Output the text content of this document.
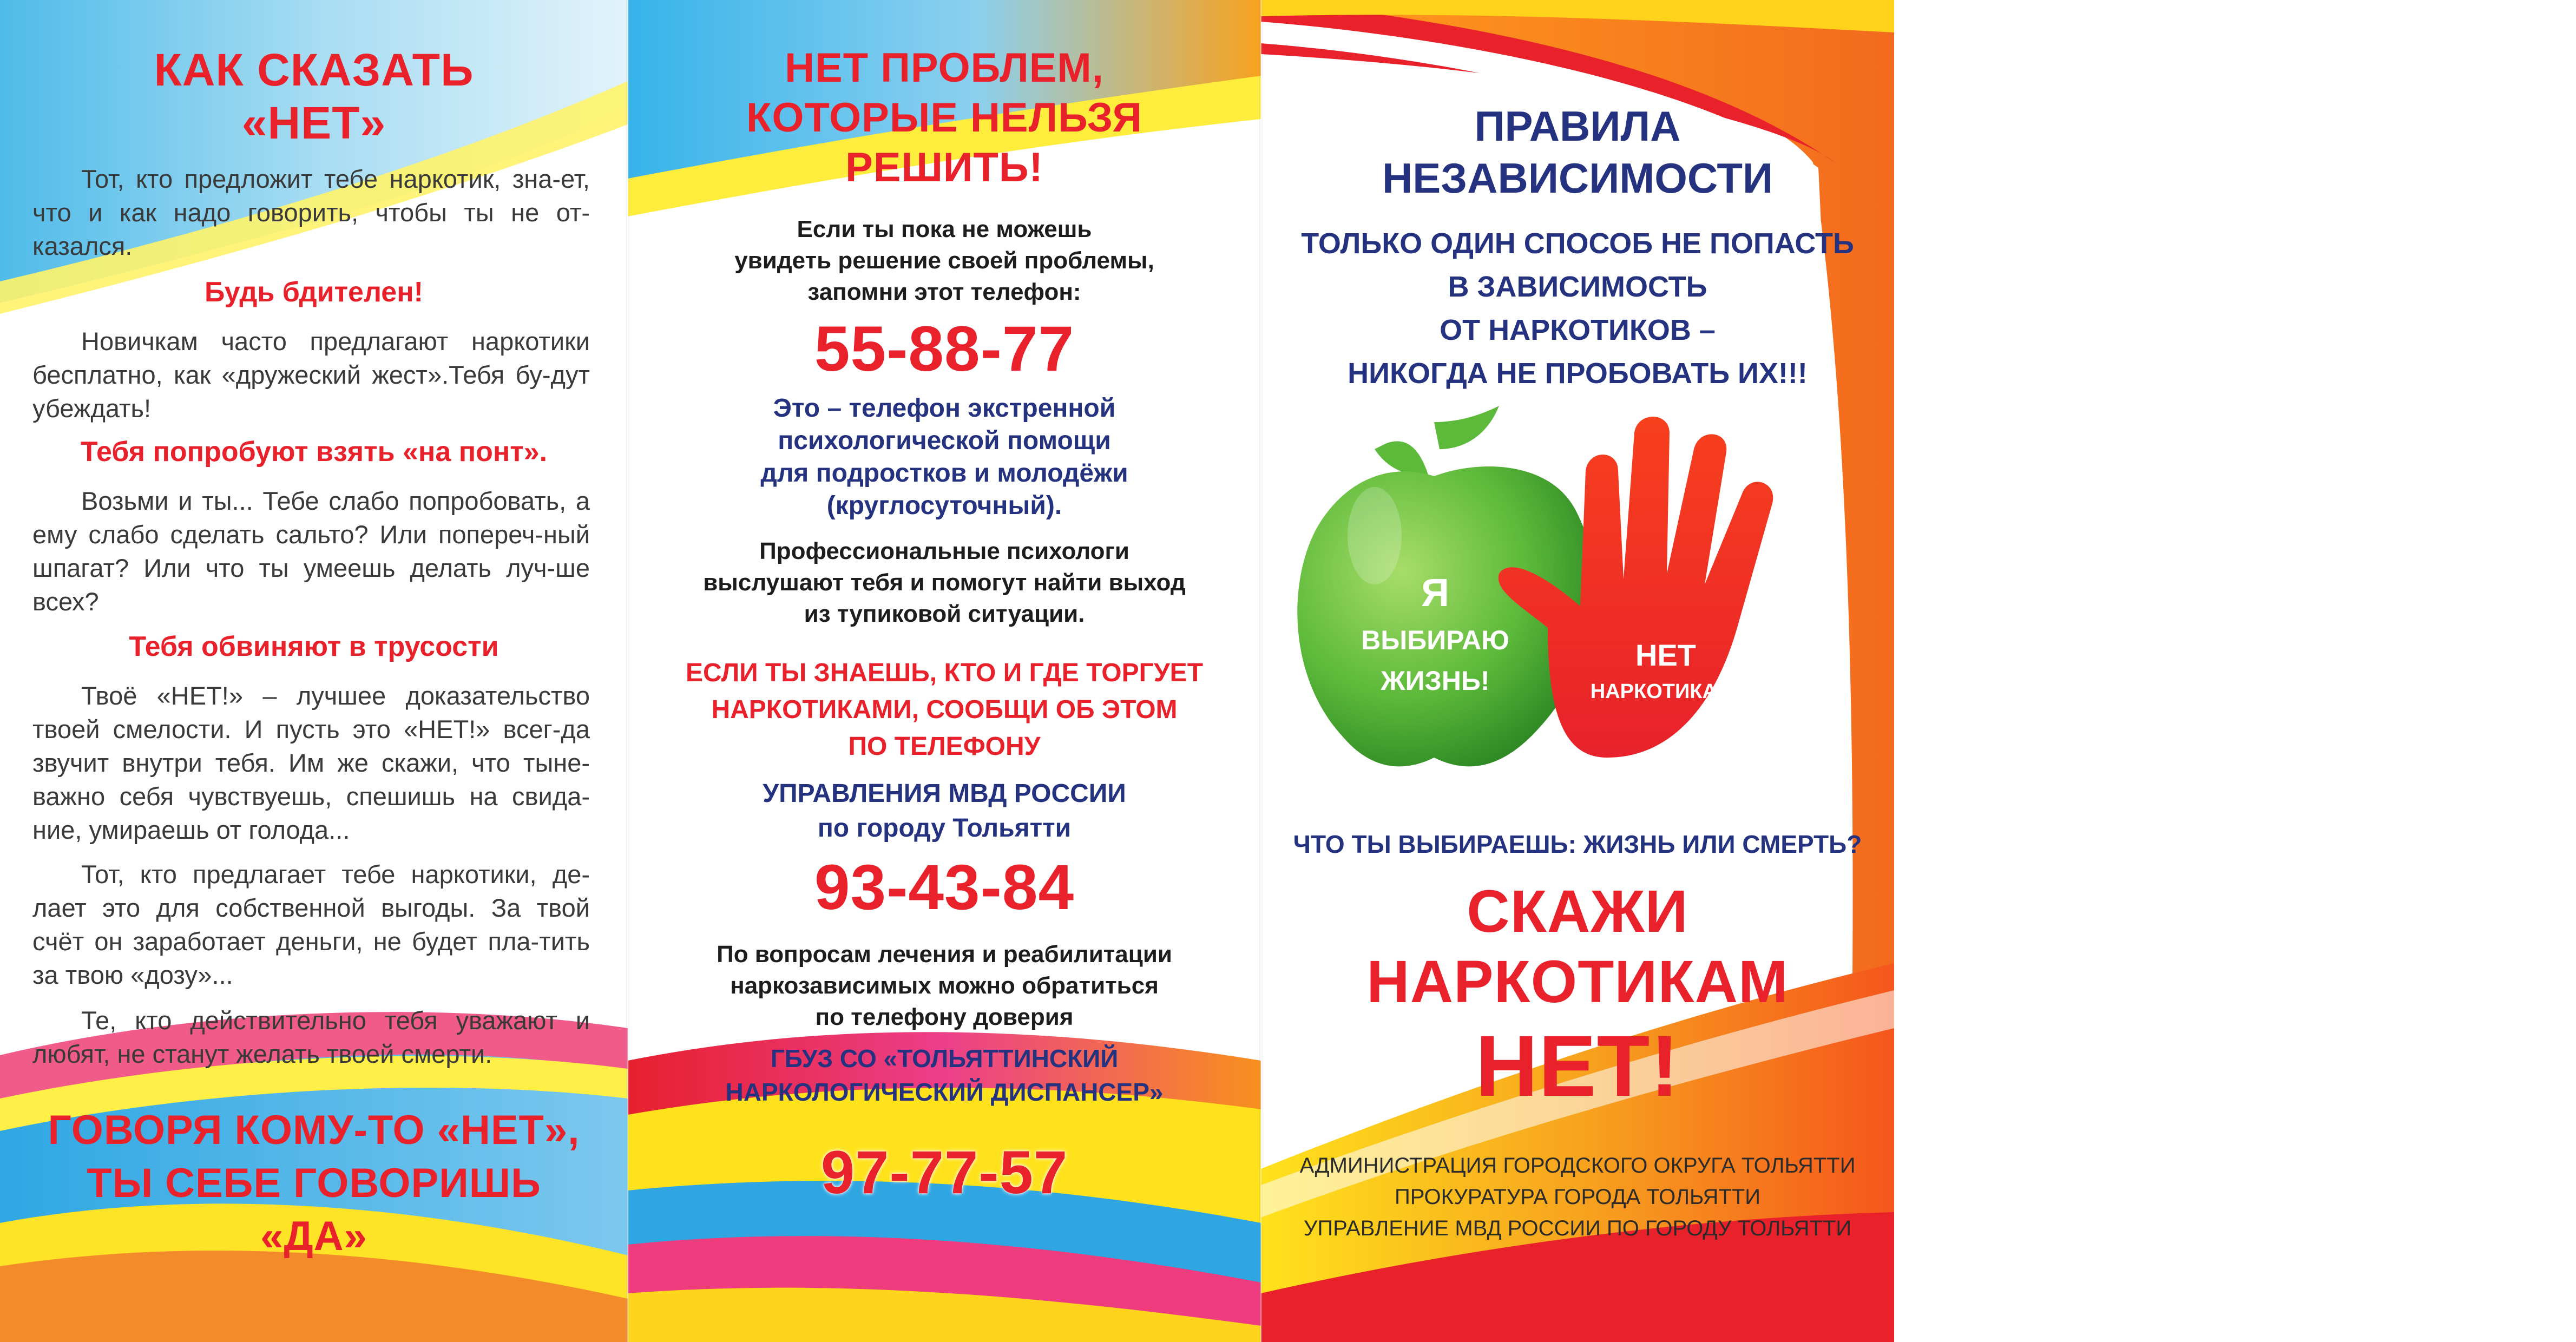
КАК СКАЗАТЬ
«НЕТ»
Тот, кто предложит тебе наркотик, зна-ет, что и как надо говорить, чтобы ты не от-казался.
Будь бдителен!
Новичкам часто предлагают наркотики бесплатно, как «дружеский жест».Тебя бу-дут убеждать!
Тебя попробуют взять «на понт».
Возьми и ты... Тебе слабо попробовать, а ему слабо сделать сальто? Или попереч-ный шпагат? Или что ты умеешь делать луч-ше всех?
Тебя обвиняют в трусости
Твоё «НЕТ!» – лучшее доказательство твоей смелости. И пусть это «НЕТ!» всег-да звучит внутри тебя. Им же скажи, что тыне-важно себя чувствуешь, спешишь на свида-ние, умираешь от голода...
Тот, кто предлагает тебе наркотики, де-лает это для собственной выгоды. За твой счёт он заработает деньги, не будет пла-тить за твою «дозу»...
Те, кто действительно тебя уважают и любят, не станут желать твоей смерти.
ГОВОРЯ КОМУ-ТО «НЕТ»,
ТЫ СЕБЕ ГОВОРИШЬ
«ДА»
НЕТ ПРОБЛЕМ,
КОТОРЫЕ НЕЛЬЗЯ
РЕШИТЬ!
Если ты пока не можешь
увидеть решение своей проблемы,
запомни этот телефон:
55-88-77
Это – телефон экстренной
психологической помощи
для подростков и молодёжи
(круглосуточный).
Профессиональные психологи
выслушают тебя и помогут найти выход
из тупиковой ситуации.
ЕСЛИ ТЫ ЗНАЕШЬ, КТО И ГДЕ ТОРГУЕТ
НАРКОТИКАМИ, СООБЩИ ОБ ЭТОМ
ПО ТЕЛЕФОНУ
УПРАВЛЕНИЯ МВД РОССИИ
по городу Тольятти
93-43-84
По вопросам лечения и реабилитации
наркозависимых можно обратиться
по телефону доверия
ГБУЗ СО «ТОЛЬЯТТИНСКИЙ
НАРКОЛОГИЧЕСКИЙ ДИСПАНСЕР»
97-77-57
ПРАВИЛА
НЕЗАВИСИМОСТИ
ТОЛЬКО ОДИН СПОСОБ НЕ ПОПАСТЬ
В ЗАВИСИМОСТЬ
ОТ НАРКОТИКОВ –
НИКОГДА НЕ ПРОБОВАТЬ ИХ!!!
Я
ВЫБИРАЮ
ЖИЗНЬ!
НЕТ
НАРКОТИКАМ!
ЧТО ТЫ ВЫБИРАЕШЬ: ЖИЗНЬ ИЛИ СМЕРТЬ?
СКАЖИ
НАРКОТИКАМ
НЕТ!
АДМИНИСТРАЦИЯ ГОРОДСКОГО ОКРУГА ТОЛЬЯТТИ
ПРОКУРАТУРА ГОРОДА ТОЛЬЯТТИ
УПРАВЛЕНИЕ МВД РОССИИ ПО ГОРОДУ ТОЛЬЯТТИ
